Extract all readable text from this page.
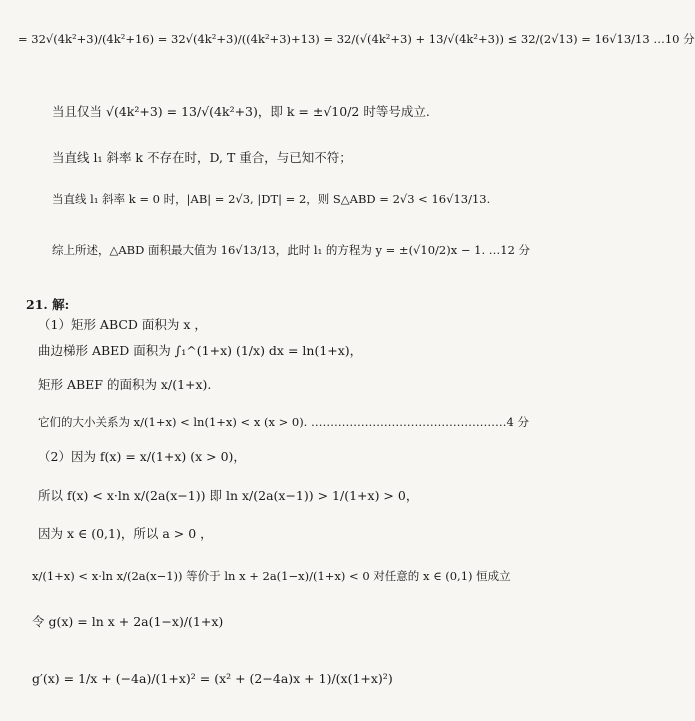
= 32√(4k²+3)/(4k²+16) = 32√(4k²+3)/((4k²+3)+13) = 32/(√(4k²+3) + 13/√(4k²+3)) ≤ 32/(2√13) = 16√13/13 …10 分
当且仅当 √(4k²+3) = 13/√(4k²+3)，即 k = ±√10/2 时等号成立.
当直线 l₁ 斜率 k 不存在时，D, T 重合，与已知不符；
当直线 l₁ 斜率 k = 0 时，|AB| = 2√3, |DT| = 2，则 S△ABD = 2√3 < 16√13/13.
综上所述，△ABD 面积最大值为 16√13/13，此时 l₁ 的方程为 y = ±(√10/2)x − 1. …12 分
21. 解:
（1）矩形 ABCD 面积为 x ，
曲边梯形 ABED 面积为 ∫₁^(1+x) (1/x) dx = ln(1+x)，
矩形 ABEF 的面积为 x/(1+x).
它们的大小关系为 x/(1+x) < ln(1+x) < x (x > 0). ……………………………………………4 分
（2）因为 f(x) = x/(1+x) (x > 0)，
所以 f(x) < x·ln x/(2a(x−1)) 即 ln x/(2a(x−1)) > 1/(1+x) > 0，
因为 x ∈ (0,1)，所以 a > 0 ，
x/(1+x) < x·ln x/(2a(x−1)) 等价于 ln x + 2a(1−x)/(1+x) < 0 对任意的 x ∈ (0,1) 恒成立
令 g(x) = ln x + 2a(1−x)/(1+x)
g′(x) = 1/x + (−4a)/(1+x)² = (x² + (2−4a)x + 1)/(x(1+x)²)
